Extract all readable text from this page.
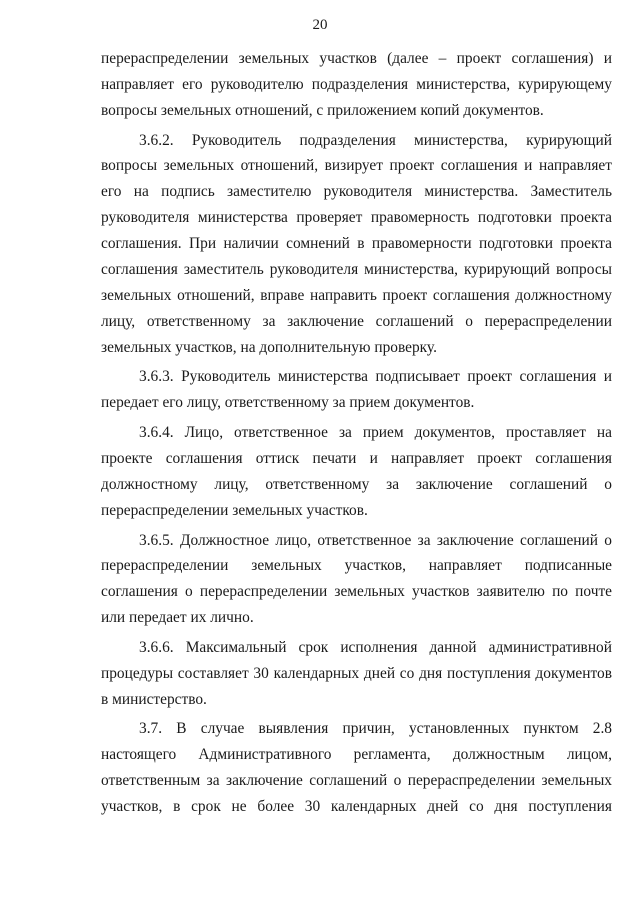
20

перераспределении земельных участков (далее – проект соглашения) и
направляет его руководителю подразделения министерства, курирующему
вопросы земельных отношений, с приложением копий документов.

3.6.2. Руководитель подразделения министерства, курирующий
вопросы земельных отношений, визирует проект соглашения и направляет
его на подпись заместителю руководителя министерства. Заместитель
руководителя министерства проверяет правомерность подготовки проекта
соглашения. При наличии сомнений в правомерности подготовки проекта
соглашения заместитель руководителя министерства, курирующий вопросы
земельных отношений, вправе направить проект соглашения должностному
лицу, ответственному за заключение соглашений о перераспределении
земельных участков, на дополнительную проверку.

3.6.3. Руководитель министерства подписывает проект соглашения и
передает его лицу, ответственному за прием документов.

3.6.4. Лицо, ответственное за прием документов, проставляет на
проекте соглашения оттиск печати и направляет проект соглашения
должностному лицу, ответственному за заключение соглашений о
перераспределении земельных участков.

3.6.5. Должностное лицо, ответственное за заключение соглашений о
перераспределении земельных участков, направляет подписанные
соглашения о перераспределении земельных участков заявителю по почте
или передает их лично.

3.6.6. Максимальный срок исполнения данной административной
процедуры составляет 30 календарных дней со дня поступления документов
в министерство.

3.7. В случае выявления причин, установленных пунктом 2.8
настоящего Административного регламента, должностным лицом,
ответственным за заключение соглашений о перераспределении земельных
участков, в срок не более 30 календарных дней со дня поступления
